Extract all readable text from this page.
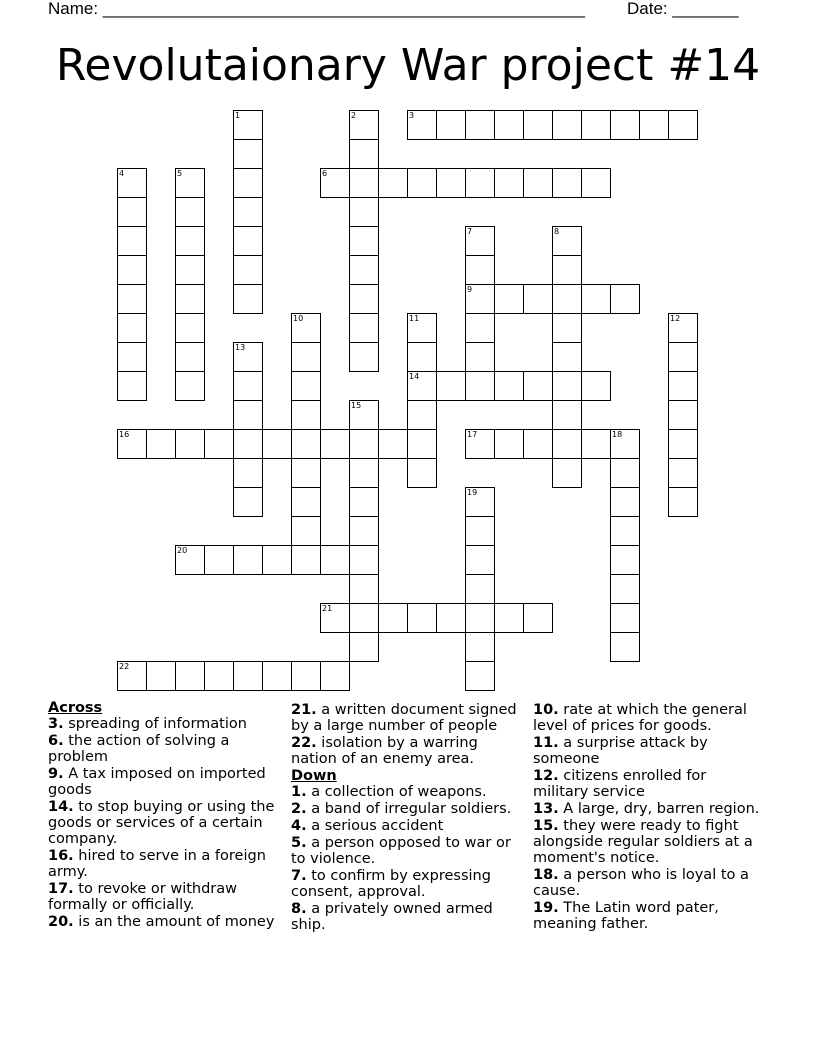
Name: ___________________________________________________ Date: _______
Revolutaionary War project #14
1	2	3
4	5	6
7
9
8
10	11
14
12
13
15
16	17	18
19
20
21
22

Across

3. spreading of information

6. the action of solving a problem

9. A tax imposed on imported goods

14. to stop buying or using the goods or services of a certain company.

16. hired to serve in a foreign army.

17. to revoke or withdraw formally or officially.

20. is an the amount of money

21. a written document signed by a large number of people

22. isolation by a warring nation of an enemy area.

Down

1. a collection of weapons.

2. a band of irregular soldiers.

4. a serious accident

5. a person opposed to war or to violence.

7. to confirm by expressing consent, approval.

8. a privately owned armed ship.

10. rate at which the general level of prices for goods.

11. a surprise attack by someone

12. citizens enrolled for military service

13. A large, dry, barren region.

15. they were ready to fight alongside regular soldiers at a moment's notice.

18. a person who is loyal to a cause.

19. The Latin word pater, meaning father.
